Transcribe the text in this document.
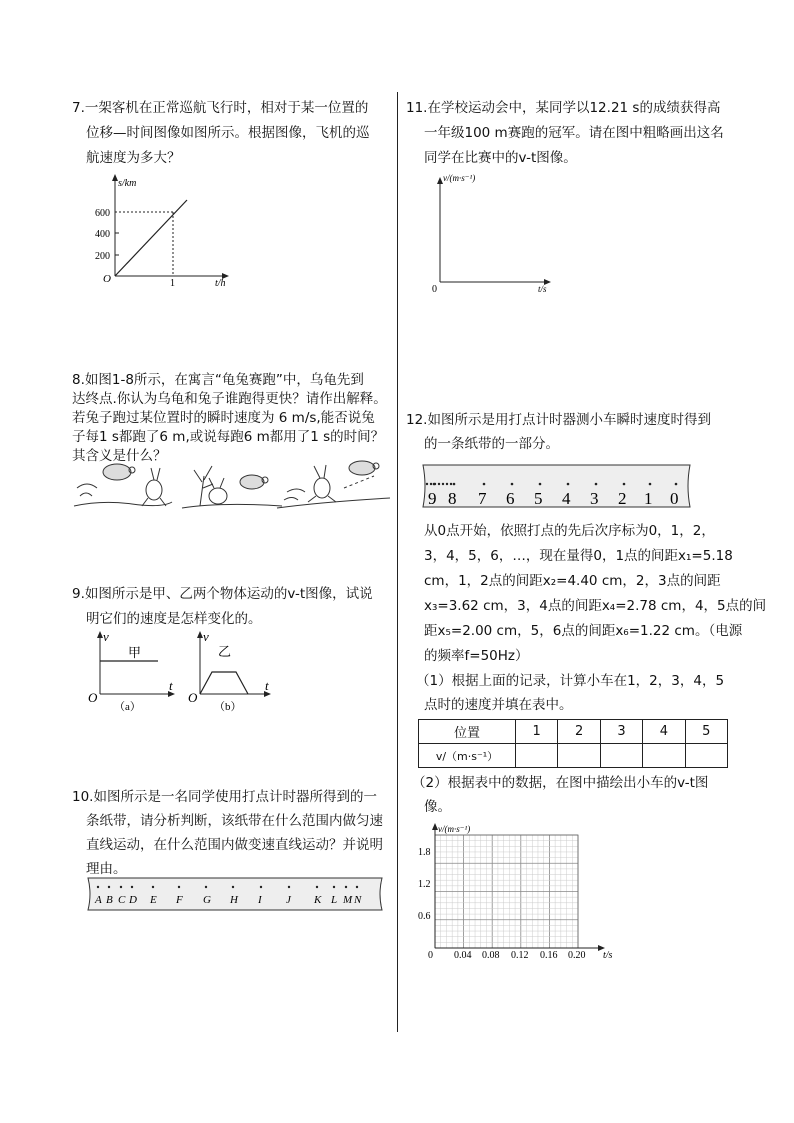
7.一架客机在正常巡航飞行时，相对于某一位置的
位移—时间图像如图所示。根据图像，飞机的巡
航速度为多大？
s/km
600
400
200
O	1	t/h
8.如图1-8所示，在寓言“龟兔赛跑”中，乌龟先到
达终点.你认为乌龟和兔子谁跑得更快？请作出解释。
若兔子跑过某位置时的瞬时速度为 6 m/s,能否说兔
子每1 s都跑了6 m,或说每跑6 m都用了1 s的时间？
其含义是什么？
9.如图所示是甲、乙两个物体运动的v-t图像，试说
明它们的速度是怎样变化的。
v
t
O
甲
（a）
v
t
O
乙
（b）
10.如图所示是一名同学使用打点计时器所得到的一
条纸带，请分析判断，该纸带在什么范围内做匀速
直线运动，在什么范围内做变速直线运动？并说明
理由。
A B C D E F G H I J K L M N
11.在学校运动会中，某同学以12.21 s的成绩获得高
一年级100 m赛跑的冠军。请在图中粗略画出这名
同学在比赛中的v-t图像。
v/(m·s⁻¹)
0	t/s
12.如图所示是用打点计时器测小车瞬时速度时得到
的一条纸带的一部分。
9 8 7 6 5 4 3 2 1 0
从0点开始，依照打点的先后次序标为0，1，2，
3，4，5，6，…，现在量得0，1点的间距x₁=5.18
cm，1，2点的间距x₂=4.40 cm，2，3点的间距
x₃=3.62 cm，3，4点的间距x₄=2.78 cm，4，5点的间
距x₅=2.00 cm，5，6点的间距x₆=1.22 cm。（电源
的频率f=50Hz）
（1）根据上面的记录，计算小车在1，2，3，4，5
点时的速度并填在表中。
位置	1	2	3	4	5
v/（m·s⁻¹）					
（2）根据表中的数据，在图中描绘出小车的v-t图
像。
v/(m·s⁻¹)
1.8
1.2
0.6
0 0.04 0.08 0.12 0.16 0.20 t/s
